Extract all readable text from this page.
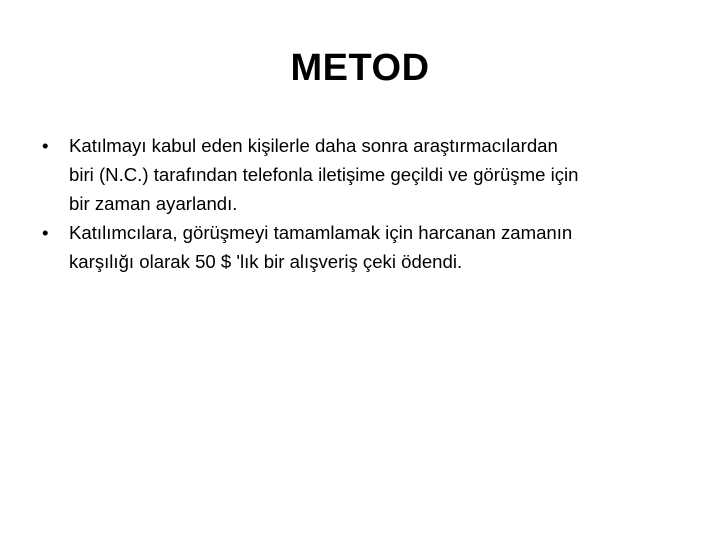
METOD
•	Katılmayı kabul eden kişilerle daha sonra araştırmacılardan
biri (N.C.) tarafından telefonla iletişime geçildi ve görüşme için
bir zaman ayarlandı.
•	Katılımcılara, görüşmeyi tamamlamak için harcanan zamanın
karşılığı olarak 50 $ 'lık bir alışveriş çeki ödendi.
